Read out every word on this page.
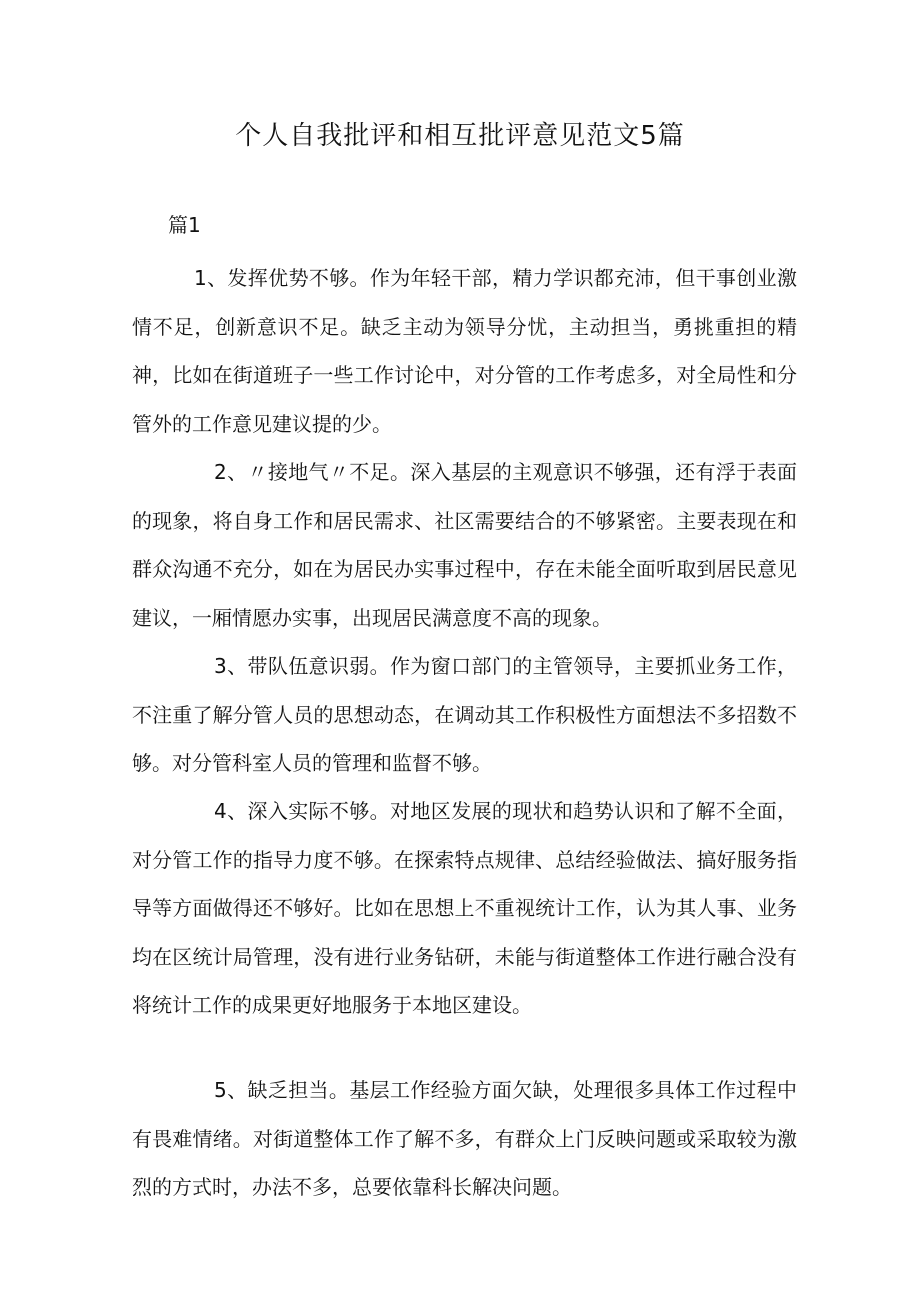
个人自我批评和相互批评意见范文5篇
篇1

1、发挥优势不够。作为年轻干部，精力学识都充沛，但干事创业激情不足，创新意识不足。缺乏主动为领导分忧，主动担当，勇挑重担的精神，比如在街道班子一些工作讨论中，对分管的工作考虑多，对全局性和分管外的工作意见建议提的少。

2、〃接地气〃不足。深入基层的主观意识不够强，还有浮于表面的现象，将自身工作和居民需求、社区需要结合的不够紧密。主要表现在和群众沟通不充分，如在为居民办实事过程中，存在未能全面听取到居民意见建议，一厢情愿办实事，出现居民满意度不高的现象。

3、带队伍意识弱。作为窗口部门的主管领导，主要抓业务工作，不注重了解分管人员的思想动态，在调动其工作积极性方面想法不多招数不够。对分管科室人员的管理和监督不够。

4、深入实际不够。对地区发展的现状和趋势认识和了解不全面，对分管工作的指导力度不够。在探索特点规律、总结经验做法、搞好服务指导等方面做得还不够好。比如在思想上不重视统计工作，认为其人事、业务均在区统计局管理，没有进行业务钻研，未能与街道整体工作进行融合没有将统计工作的成果更好地服务于本地区建设。

5、缺乏担当。基层工作经验方面欠缺，处理很多具体工作过程中有畏难情绪。对街道整体工作了解不多，有群众上门反映问题或采取较为激烈的方式时，办法不多，总要依靠科长解决问题。
